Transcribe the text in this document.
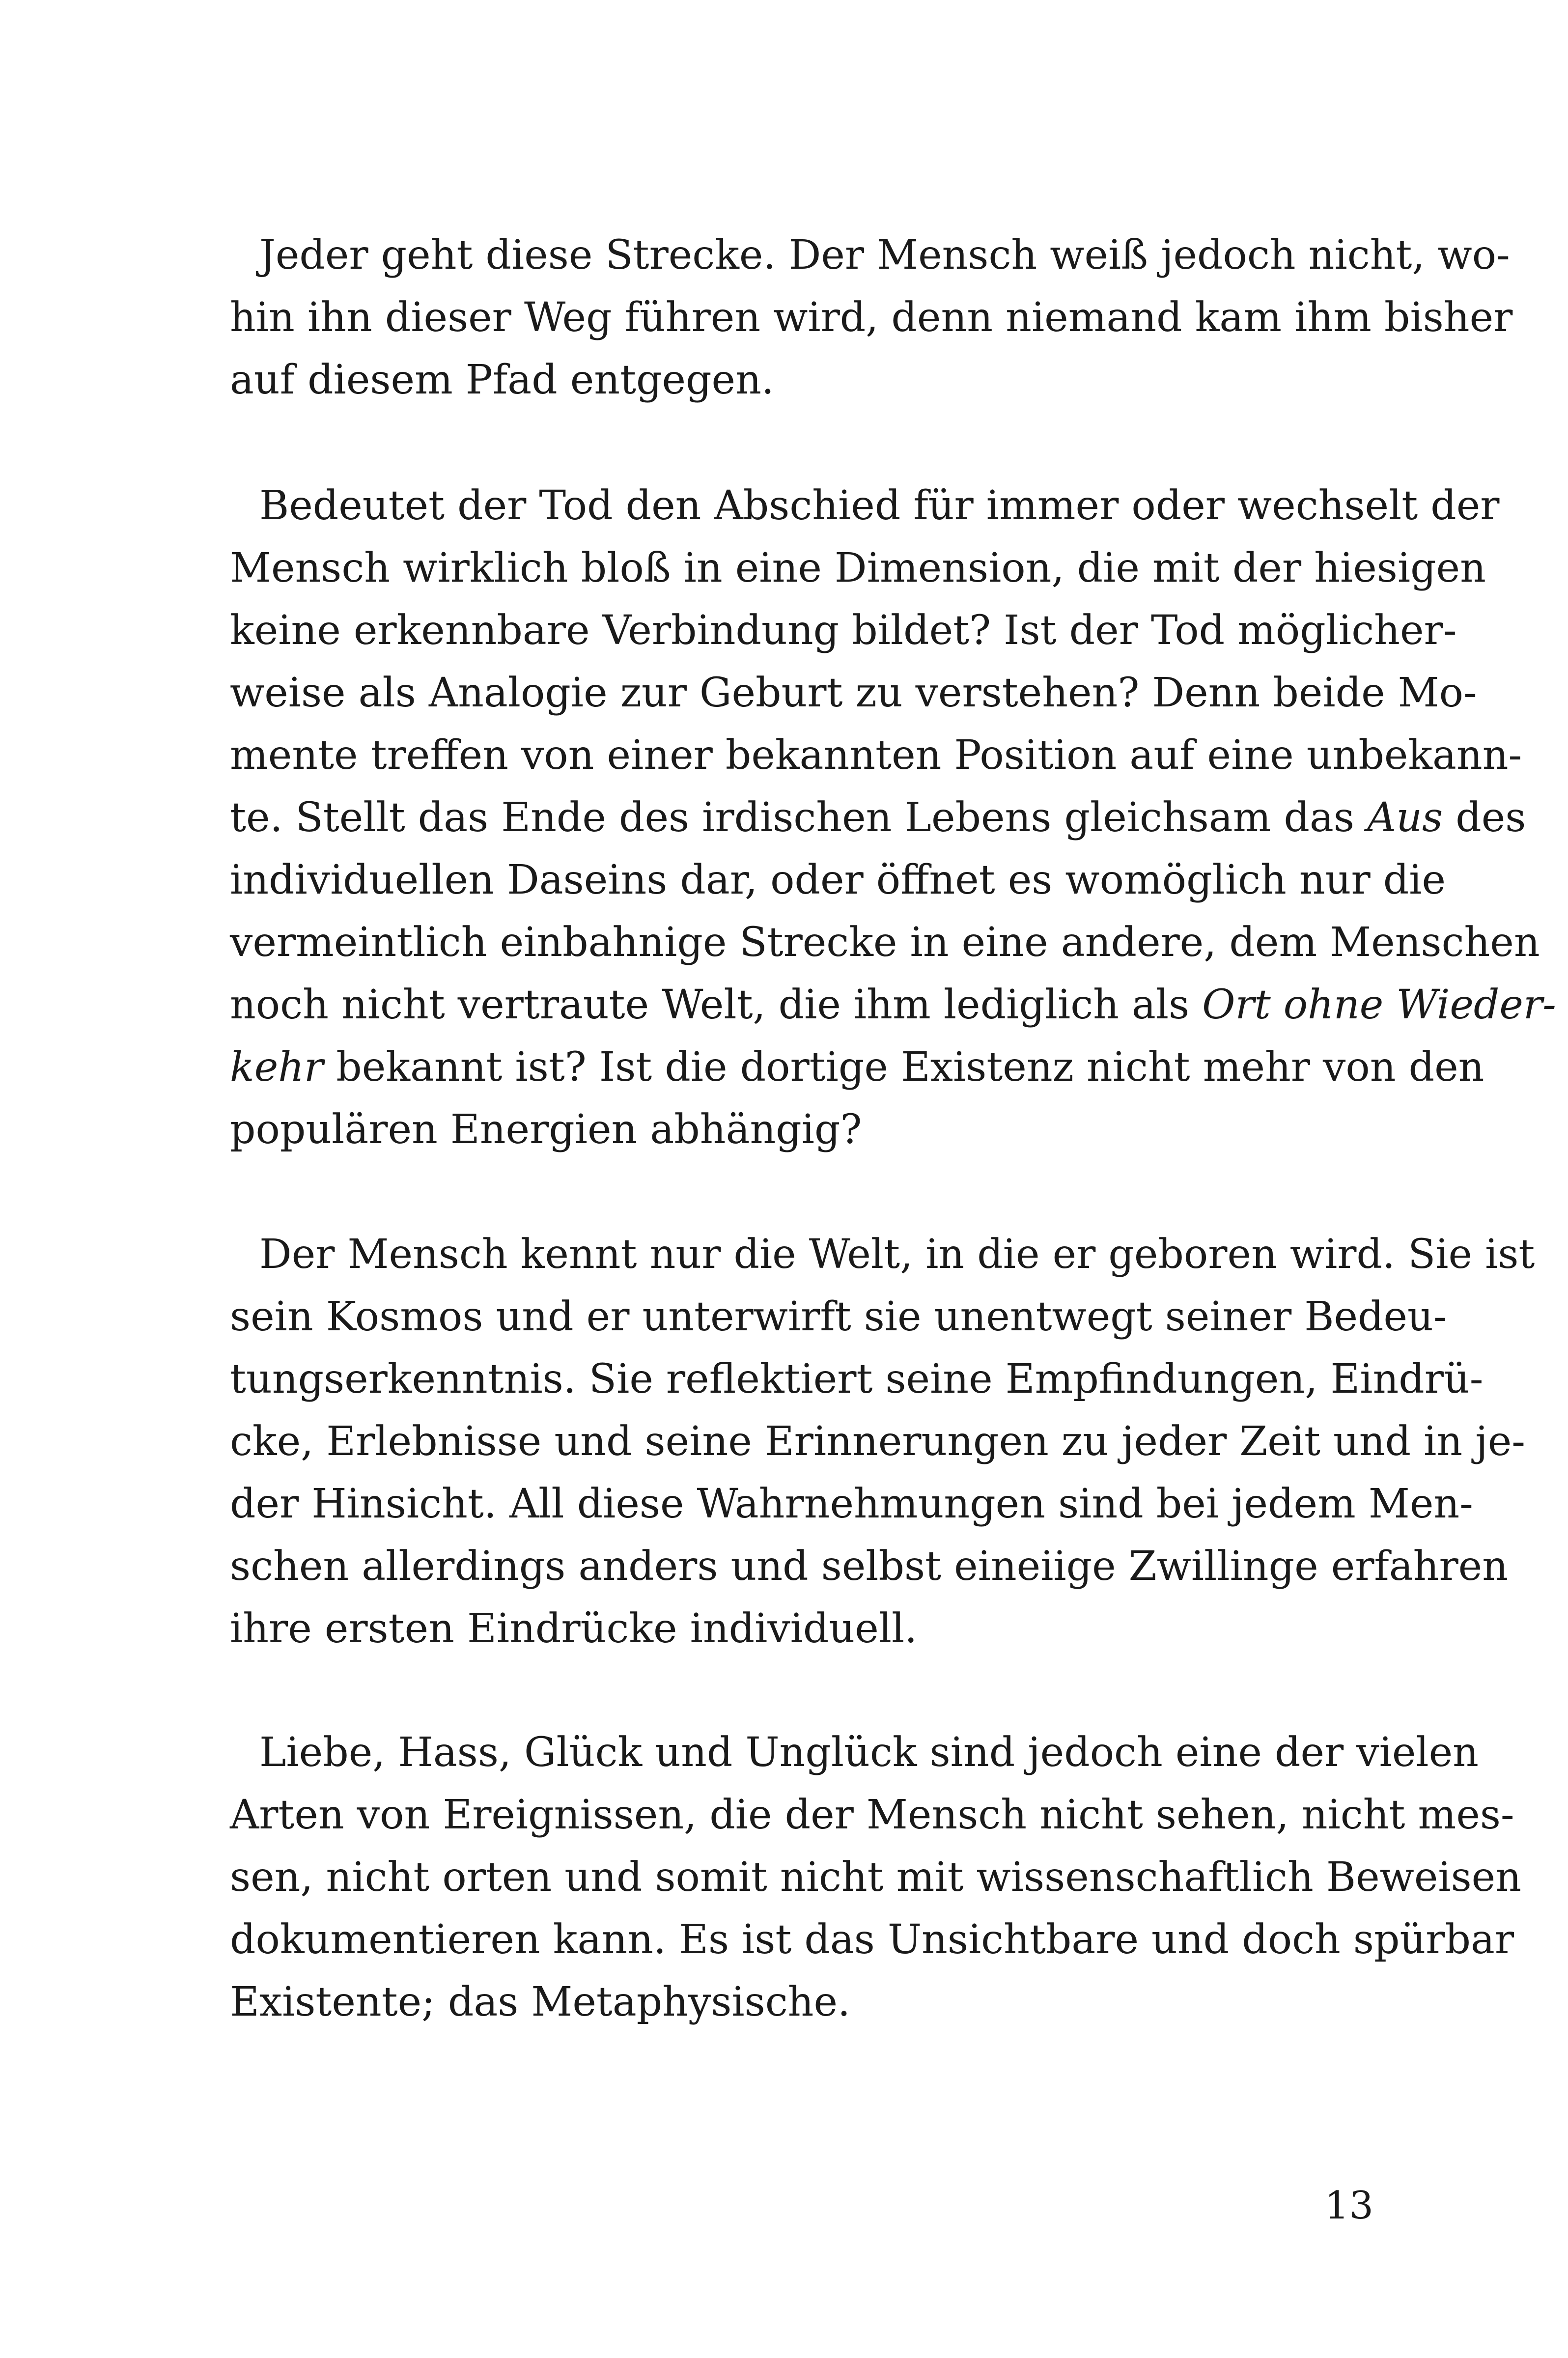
Jeder geht diese Strecke. Der Mensch weiß jedoch nicht, wo-
hin ihn dieser Weg führen wird, denn niemand kam ihm bisher
auf diesem Pfad entgegen.
Bedeutet der Tod den Abschied für immer oder wechselt der
Mensch wirklich bloß in eine Dimension, die mit der hiesigen
keine erkennbare Verbindung bildet? Ist der Tod möglicher-
weise als Analogie zur Geburt zu verstehen? Denn beide Mo-
mente treffen von einer bekannten Position auf eine unbekann-
te. Stellt das Ende des irdischen Lebens gleichsam das Aus des
individuellen Daseins dar, oder öffnet es womöglich nur die
vermeintlich einbahnige Strecke in eine andere, dem Menschen
noch nicht vertraute Welt, die ihm lediglich als Ort ohne Wieder-
kehr bekannt ist? Ist die dortige Existenz nicht mehr von den
populären Energien abhängig?
Der Mensch kennt nur die Welt, in die er geboren wird. Sie ist
sein Kosmos und er unterwirft sie unentwegt seiner Bedeu-
tungserkenntnis. Sie reflektiert seine Empfindungen, Eindrü-
cke, Erlebnisse und seine Erinnerungen zu jeder Zeit und in je-
der Hinsicht. All diese Wahrnehmungen sind bei jedem Men-
schen allerdings anders und selbst eineiige Zwillinge erfahren
ihre ersten Eindrücke individuell.
Liebe, Hass, Glück und Unglück sind jedoch eine der vielen
Arten von Ereignissen, die der Mensch nicht sehen, nicht mes-
sen, nicht orten und somit nicht mit wissenschaftlich Beweisen
dokumentieren kann. Es ist das Unsichtbare und doch spürbar
Existente; das Metaphysische.
13
